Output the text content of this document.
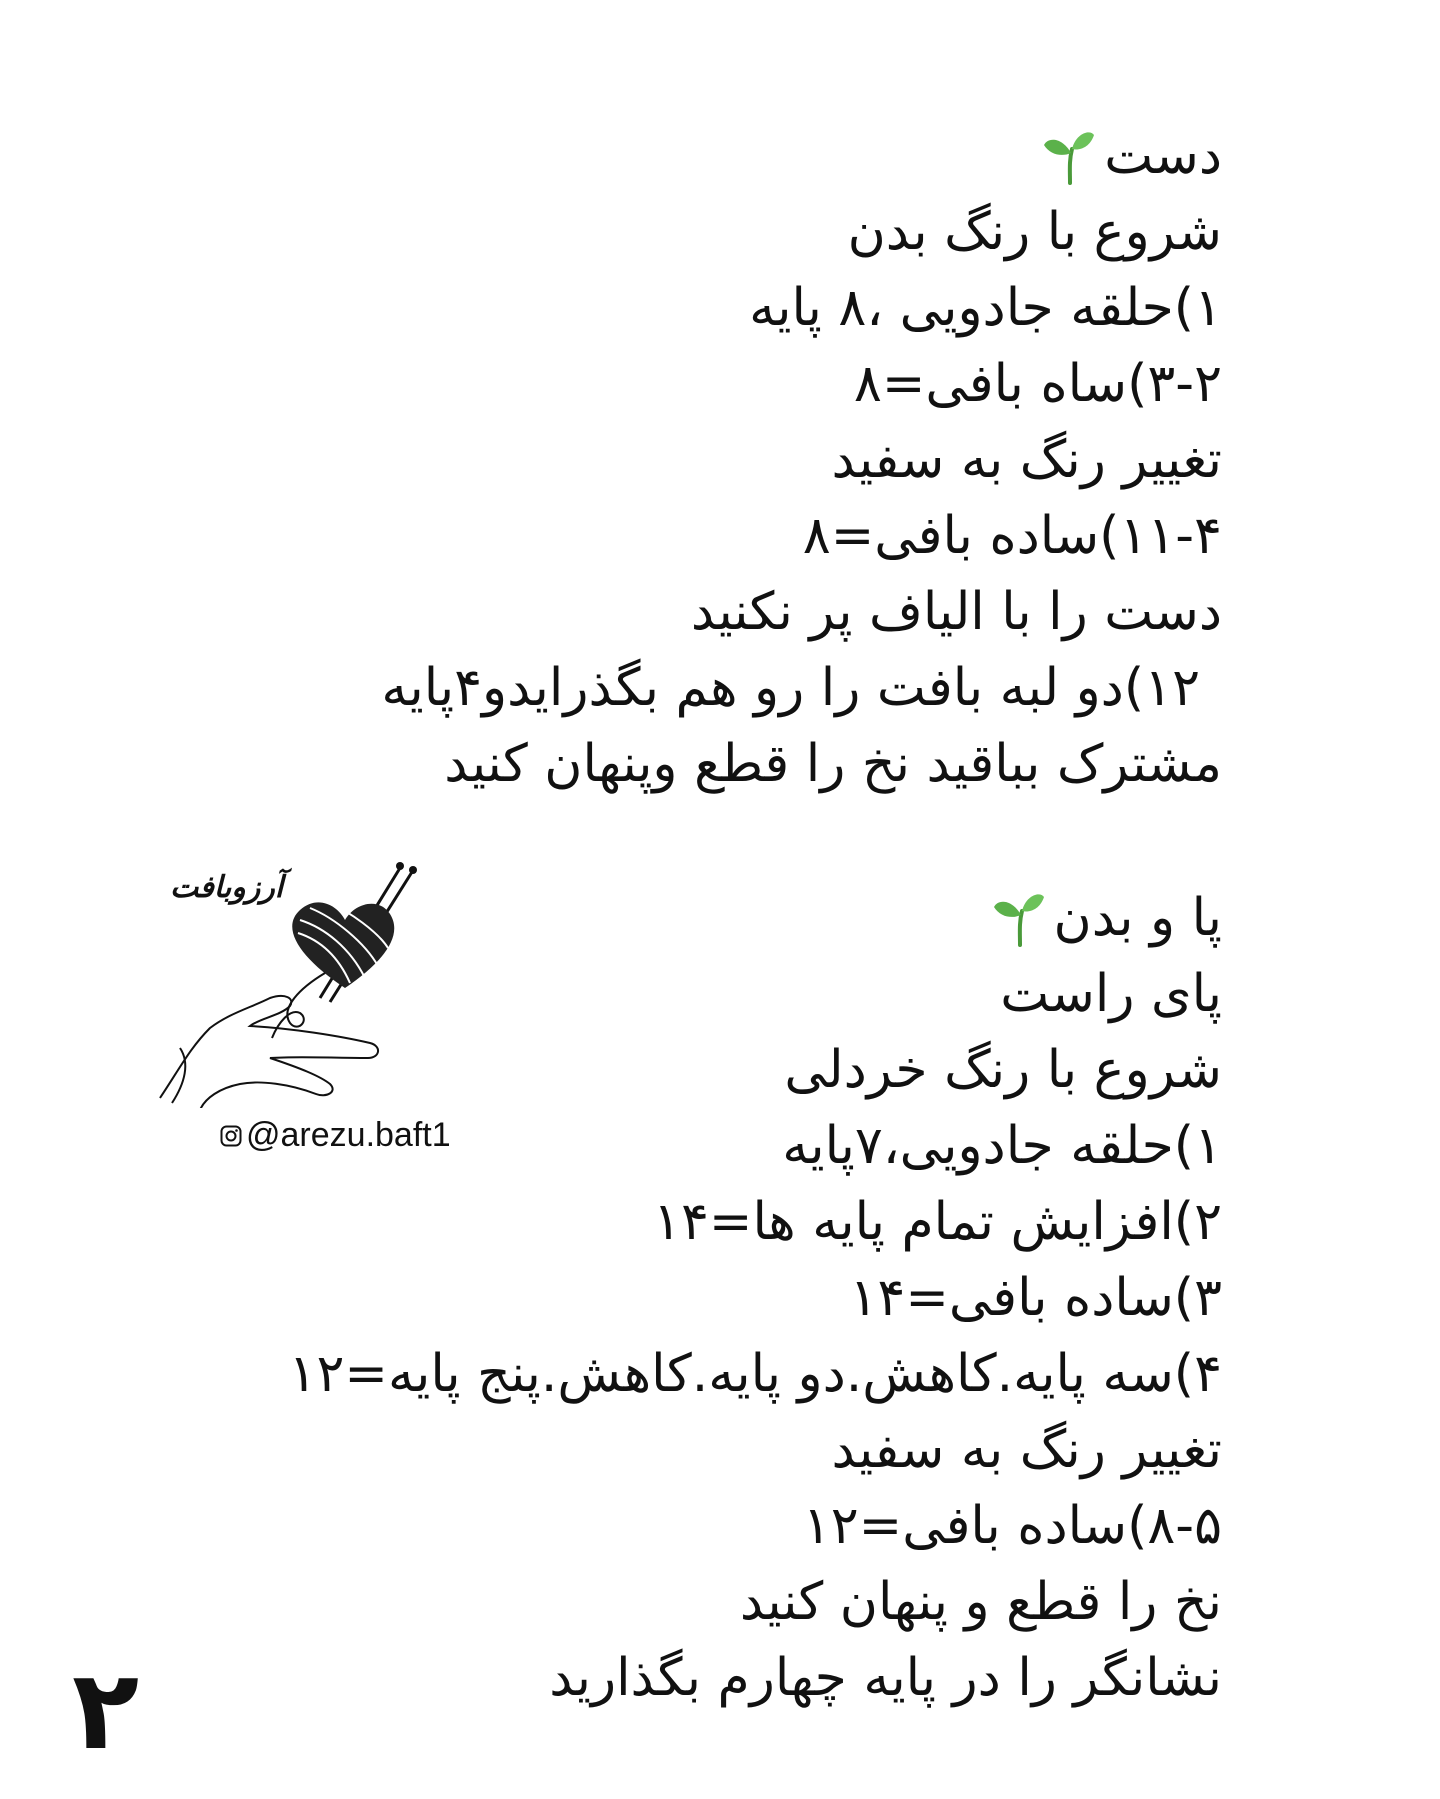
دست
شروع با رنگ بدن
۱)حلقه جادویی ،۸ پایه
۳-۲)ساه بافی=۸
تغییر رنگ به سفید
۱۱-۴)ساده بافی=۸
دست را با الیاف پر نکنید
۱۲)دو لبه بافت را رو هم بگذرایدو۴پایه
مشترک بباقید نخ را قطع وپنهان کنید
آرزوبافت
@arezu.baft1
پا و بدن
پای راست
شروع با رنگ خردلی
۱)حلقه جادویی،۷پایه
۲)افزایش تمام پایه ها=۱۴
۳)ساده بافی=۱۴
۴)سه پایه.کاهش.دو پایه.کاهش.پنج پایه=۱۲
تغییر رنگ به سفید
۸-۵)ساده بافی=۱۲
نخ را قطع و پنهان کنید
نشانگر را در پایه چهارم بگذارید
۲
